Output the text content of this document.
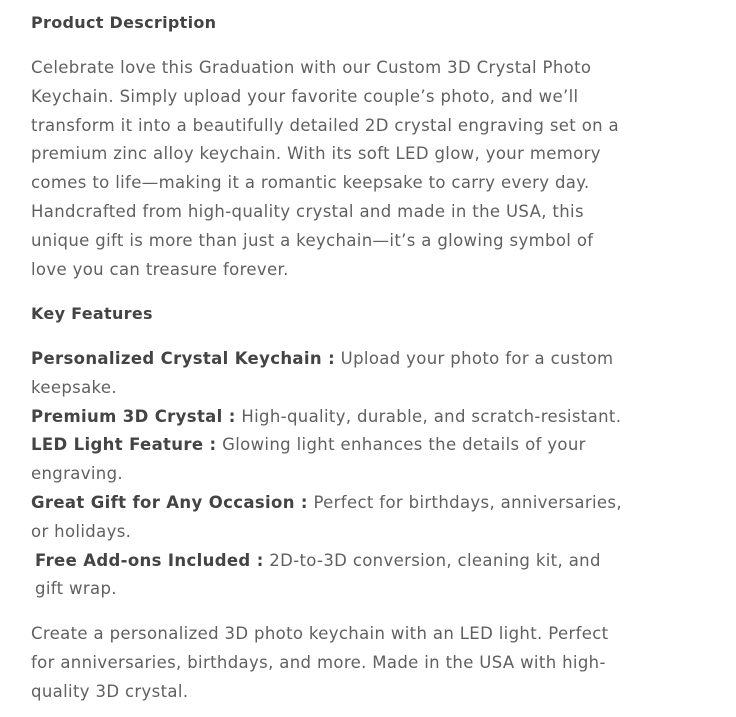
Product Description

Celebrate love this Graduation with our Custom 3D Crystal Photo Keychain. Simply upload your favorite couple’s photo, and we’ll transform it into a beautifully detailed 2D crystal engraving set on a premium zinc alloy keychain. With its soft LED glow, your memory comes to life—making it a romantic keepsake to carry every day. Handcrafted from high-quality crystal and made in the USA, this unique gift is more than just a keychain—it’s a glowing symbol of love you can treasure forever.

Key Features

Personalized Crystal Keychain : Upload your photo for a custom keepsake.

Premium 3D Crystal : High-quality, durable, and scratch-resistant.

LED Light Feature : Glowing light enhances the details of your engraving.

Great Gift for Any Occasion : Perfect for birthdays, anniversaries, or holidays.

Free Add-ons Included : 2D-to-3D conversion, cleaning kit, and gift wrap.

Create a personalized 3D photo keychain with an LED light. Perfect for anniversaries, birthdays, and more. Made in the USA with high-quality 3D crystal.
